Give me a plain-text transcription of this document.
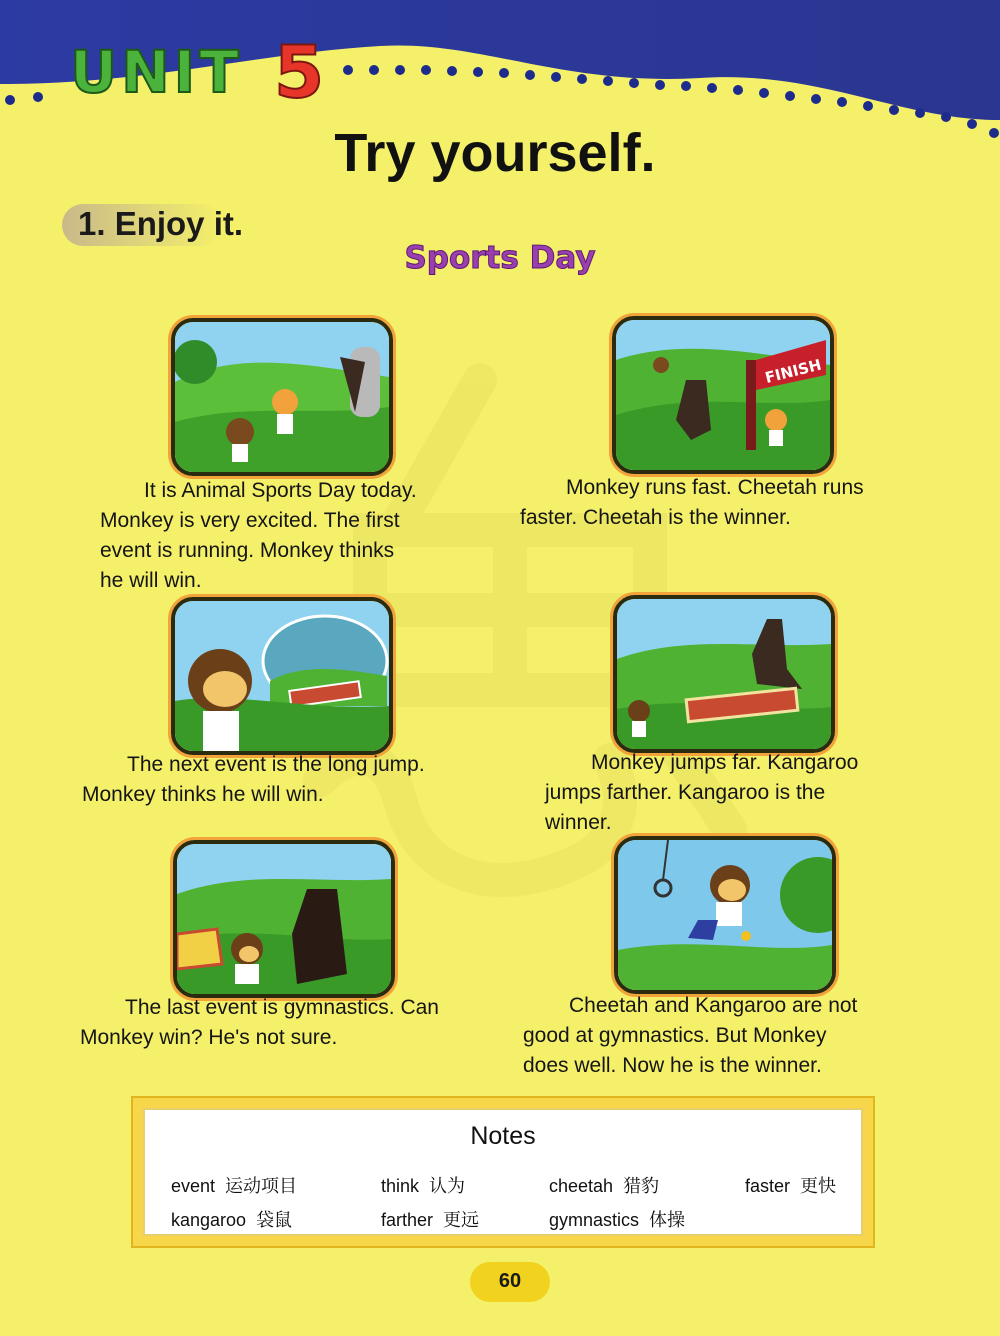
UNIT 5
Try yourself.
1. Enjoy it.
Sports Day
It is Animal Sports Day today.
Monkey is very excited. The first
event is running. Monkey thinks
he will win.
FINISH
Monkey runs fast. Cheetah runs
faster. Cheetah is the winner.
The next event is the long jump.
Monkey thinks he will win.
Monkey jumps far. Kangaroo
jumps farther. Kangaroo is the
winner.
The last event is gymnastics. Can
Monkey win? He's not sure.
Cheetah and Kangaroo are not
good at gymnastics. But Monkey
does well. Now he is the winner.
Notes
event 运动项目	think 认为	cheetah 猎豹	faster 更快
kangaroo 袋鼠	farther 更远	gymnastics 体操
60
